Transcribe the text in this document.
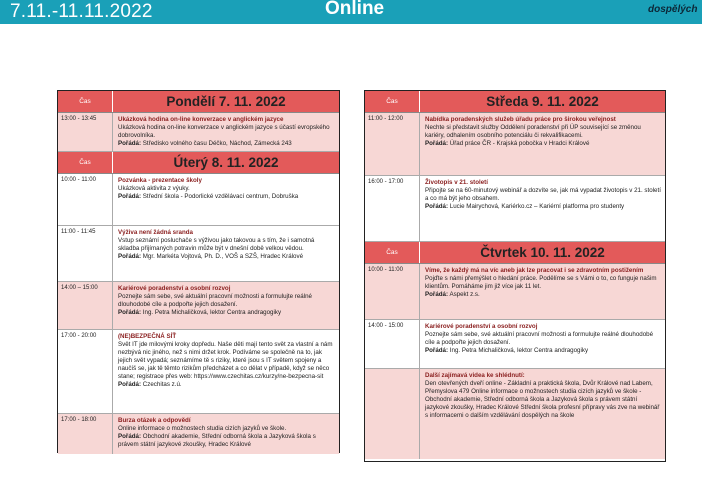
7.11.-11.11.2022	Online	dospělých
Čas	Pondělí 7. 11. 2022
13:00 - 13:45	Ukázková hodina on-line konverzace v anglickém jazyce
Ukázková hodina on-line konverzace v anglickém jazyce s účastí evropského dobrovolníka.
Pořádá: Středisko volného času Déčko, Náchod, Zámecká 243
Čas	Úterý 8. 11. 2022
10:00 - 11:00	Pozvánka - prezentace školy
Ukázková aktivita z výuky.
Pořádá: Střední škola - Podorlické vzdělávací centrum, Dobruška
11:00 - 11:45	Výživa není žádná sranda
Vstup seznámí posluchače s výživou jako takovou a s tím, že i samotná skladba přijímaných potravin může být v dnešní době velkou vědou.
Pořádá: Mgr. Markéta Vojtová, Ph. D., VOŠ a SZŠ, Hradec Králové
14:00 – 15:00	Kariérové poradenství a osobní rozvoj
Poznejte sám sebe, své aktuální pracovní možnosti a formulujte reálné dlouhodobé cíle a podpořte jejich dosažení.
Pořádá: Ing. Petra Michaličková, lektor Centra andragogiky
17:00 - 20:00	(NE)BEZPEČNÁ SÍŤ
Svět IT jde milovými kroky dopředu. Naše děti mají tento svět za vlastní a nám nezbývá nic jiného, než s nimi držet krok. Podíváme se společně na to, jak jejich svět vypadá; seznámíme tě s riziky, které jsou s IT světem spojeny a naučíš se, jak tě těmto rizikům předcházet a co dělat v případě, když se něco stane; registrace přes web: https://www.czechitas.cz/kurzy/ne-bezpecna-sit
Pořádá: Czechitas z.ú.
17:00 - 18:00	Burza otázek a odpovědí
Online informace o možnostech studia cizích jazyků ve škole.
Pořádá: Obchodní akademie, Střední odborná škola a Jazyková škola s právem státní jazykové zkoušky, Hradec Králové
Čas	Středa 9. 11. 2022
11:00 - 12:00	Nabídka poradenských služeb úřadu práce pro širokou veřejnost
Nechte si představit služby Oddělení poradenství při ÚP související se změnou kariéry, odhalením osobního potenciálu či rekvalifikacemi.
Pořádá: Úřad práce ČR - Krajská pobočka v Hradci Králové
16:00 - 17:00	Životopis v 21. století
Připojte se na 60-minutový webinář a dozvíte se, jak má vypadat životopis v 21. století a co má být jeho obsahem.
Pořádá: Lucie Mairychová, Kariérko.cz – Kariérní platforma pro studenty
Čas	Čtvrtek 10. 11. 2022
10:00 - 11:00	Víme, že každý má na víc aneb jak lze pracovat i se zdravotním postižením
Pojďte s námi přemýšlet o hledání práce. Podělíme se s Vámi o to, co funguje našim klientům. Pomáháme jim již více jak 11 let.
Pořádá: Aspekt z.s.
14:00 - 15:00	Kariérové poradenství a osobní rozvoj
Poznejte sám sebe, své aktuální pracovní možnosti a formulujte reálné dlouhodobé cíle a podpořte jejich dosažení.
Pořádá: Ing. Petra Michaličková, lektor Centra andragogiky
Další zajímavá videa ke shlédnutí:
Den otevřených dveří online - Základní a praktická škola, Dvůr Králové nad Labem, Přemyslova 479 Online informace o možnostech studia cizích jazyků ve škole - Obchodní akademie, Střední odborná škola a Jazyková škola s právem státní jazykové zkoušky, Hradec Králové Střední škola profesní přípravy vás zve na webinář s informacemi o dalším vzdělávání dospělých na škole
